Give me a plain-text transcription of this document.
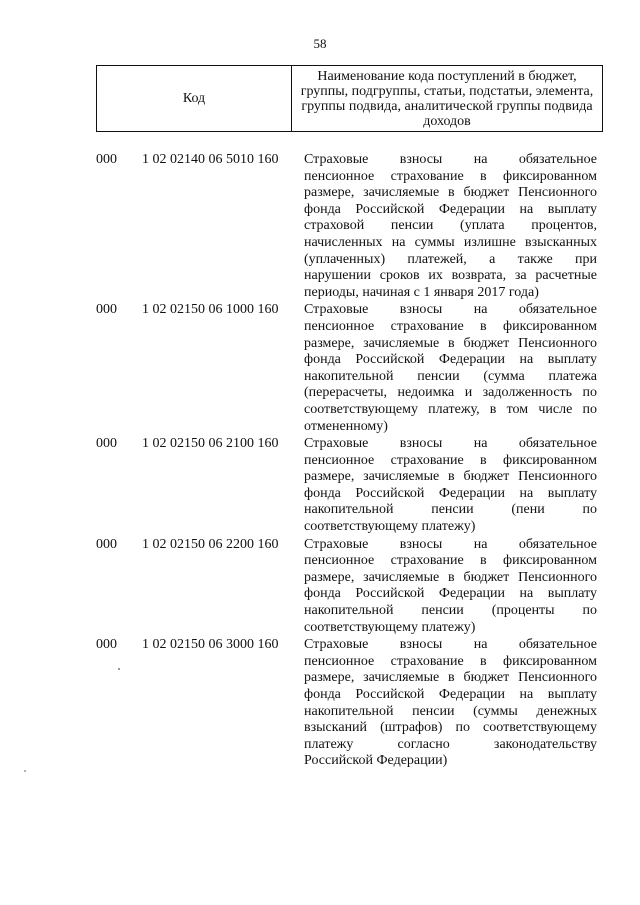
58
Код	Наименование кода поступлений в бюджет, группы, подгруппы, статьи, подстатьи, элемента, группы подвида, аналитической группы подвида доходов
000	1 02 02140 06 5010 160	Страховые взносы на обязательное
пенсионное страхование в фиксированном
размере, зачисляемые в бюджет Пенсионного
фонда Российской Федерации на выплату
страховой пенсии (уплата процентов,
начисленных на суммы излишне взысканных
(уплаченных) платежей, а также при
нарушении сроков их возврата, за расчетные
периоды, начиная с 1 января 2017 года)
000	1 02 02150 06 1000 160	Страховые взносы на обязательное
пенсионное страхование в фиксированном
размере, зачисляемые в бюджет Пенсионного
фонда Российской Федерации на выплату
накопительной пенсии (сумма платежа
(перерасчеты, недоимка и задолженность по
соответствующему платежу, в том числе по
отмененному)
000	1 02 02150 06 2100 160	Страховые взносы на обязательное
пенсионное страхование в фиксированном
размере, зачисляемые в бюджет Пенсионного
фонда Российской Федерации на выплату
накопительной пенсии (пени по
соответствующему платежу)
000	1 02 02150 06 2200 160	Страховые взносы на обязательное
пенсионное страхование в фиксированном
размере, зачисляемые в бюджет Пенсионного
фонда Российской Федерации на выплату
накопительной пенсии (проценты по
соответствующему платежу)
000	1 02 02150 06 3000 160	Страховые взносы на обязательное
пенсионное страхование в фиксированном
размере, зачисляемые в бюджет Пенсионного
фонда Российской Федерации на выплату
накопительной пенсии (суммы денежных
взысканий (штрафов) по соответствующему
платежу согласно законодательству
Российской Федерации)
